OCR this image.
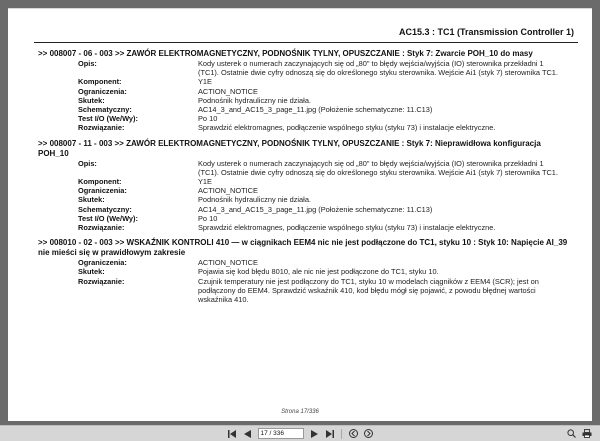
AC15.3 : TC1 (Transmission Controller 1)
>> 008007 - 06 - 003 >> ZAWÓR ELEKTROMAGNETYCZNY, PODNOŚNIK TYLNY, OPUSZCZANIE : Styk 7: Zwarcie POH_10 do masy
Opis:	Kody usterek o numerach zaczynających się od „80" to błędy wejścia/wyjścia (IO) sterownika przekładni 1 (TC1). Ostatnie dwie cyfry odnoszą się do określonego styku sterownika. Wejście Ai1 (styk 7) sterownika TC1.
Komponent:	Y1E
Ograniczenia:	ACTION_NOTICE
Skutek:	Podnośnik hydrauliczny nie działa.
Schematyczny:	AC14_3_and_AC15_3_page_11.jpg (Położenie schematyczne: 11.C13)
Test I/O (We/Wy):	Po 10
Rozwiązanie:	Sprawdzić elektromagnes, podłączenie wspólnego styku (styku 73) i instalacje elektryczne.
>> 008007 - 11 - 003 >> ZAWÓR ELEKTROMAGNETYCZNY, PODNOŚNIK TYLNY, OPUSZCZANIE : Styk 7: Nieprawidłowa konfiguracja POH_10
Opis:	Kody usterek o numerach zaczynających się od „80" to błędy wejścia/wyjścia (IO) sterownika przekładni 1 (TC1). Ostatnie dwie cyfry odnoszą się do określonego styku sterownika. Wejście Ai1 (styk 7) sterownika TC1.
Komponent:	Y1E
Ograniczenia:	ACTION_NOTICE
Skutek:	Podnośnik hydrauliczny nie działa.
Schematyczny:	AC14_3_and_AC15_3_page_11.jpg (Położenie schematyczne: 11.C13)
Test I/O (We/Wy):	Po 10
Rozwiązanie:	Sprawdzić elektromagnes, podłączenie wspólnego styku (styku 73) i instalacje elektryczne.
>> 008010 - 02 - 003 >> WSKAŹNIK KONTROLI 410 — w ciągnikach EEM4 nic nie jest podłączone do TC1, styku 10 : Styk 10: Napięcie AI_39 nie mieści się w prawidłowym zakresie
Ograniczenia:	ACTION_NOTICE
Skutek:	Pojawia się kod błędu 8010, ale nic nie jest podłączone do TC1, styku 10.
Rozwiązanie:	Czujnik temperatury nie jest podłączony do TC1, styku 10 w modelach ciągników z EEM4 (SCR); jest on podłączony do EEM4. Sprawdzić wskaźnik 410, kod błędu mógł się pojawić, z powodu błędnej wartości wskaźnika 410.
Strona 17/336
17 / 336
